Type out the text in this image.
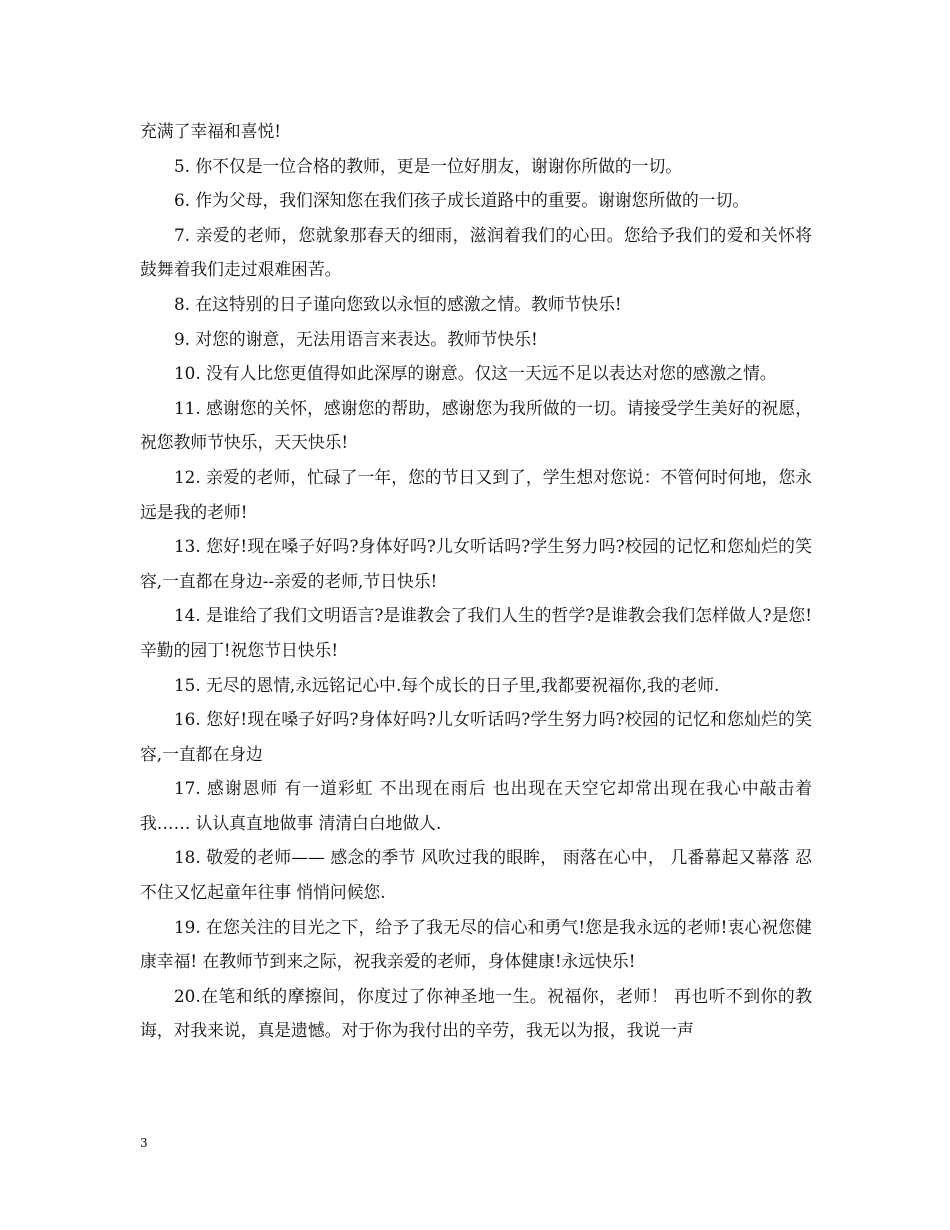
充满了幸福和喜悦!

5. 你不仅是一位合格的教师，更是一位好朋友，谢谢你所做的一切。

6. 作为父母，我们深知您在我们孩子成长道路中的重要。谢谢您所做的一切。

7. 亲爱的老师，您就象那春天的细雨，滋润着我们的心田。您给予我们的爱和关怀将鼓舞着我们走过艰难困苦。

8. 在这特别的日子谨向您致以永恒的感激之情。教师节快乐!

9. 对您的谢意，无法用语言来表达。教师节快乐!

10. 没有人比您更值得如此深厚的谢意。仅这一天远不足以表达对您的感激之情。

11. 感谢您的关怀，感谢您的帮助，感谢您为我所做的一切。请接受学生美好的祝愿，祝您教师节快乐，天天快乐!

12. 亲爱的老师，忙碌了一年，您的节日又到了，学生想对您说：不管何时何地，您永远是我的老师!

13. 您好!现在嗓子好吗?身体好吗?儿女听话吗?学生努力吗?校园的记忆和您灿烂的笑容,一直都在身边--亲爱的老师,节日快乐!

14. 是谁给了我们文明语言?是谁教会了我们人生的哲学?是谁教会我们怎样做人?是您!辛勤的园丁!祝您节日快乐!

15. 无尽的恩情,永远铭记心中.每个成长的日子里,我都要祝福你,我的老师.

16. 您好!现在嗓子好吗?身体好吗?儿女听话吗?学生努力吗?校园的记忆和您灿烂的笑容,一直都在身边

17. 感谢恩师 有一道彩虹 不出现在雨后 也出现在天空它却常出现在我心中敲击着我…… 认认真直地做事 清清白白地做人.

18. 敬爱的老师—— 感念的季节 风吹过我的眼眸， 雨落在心中， 几番幕起又幕落 忍不住又忆起童年往事 悄悄问候您.

19. 在您关注的目光之下，给予了我无尽的信心和勇气!您是我永远的老师!衷心祝您健康幸福! 在教师节到来之际，祝我亲爱的老师，身体健康!永远快乐!

20.在笔和纸的摩擦间，你度过了你神圣地一生。祝福你，老师！ 再也听不到你的教诲，对我来说，真是遗憾。对于你为我付出的辛劳，我无以为报，我说一声

3
